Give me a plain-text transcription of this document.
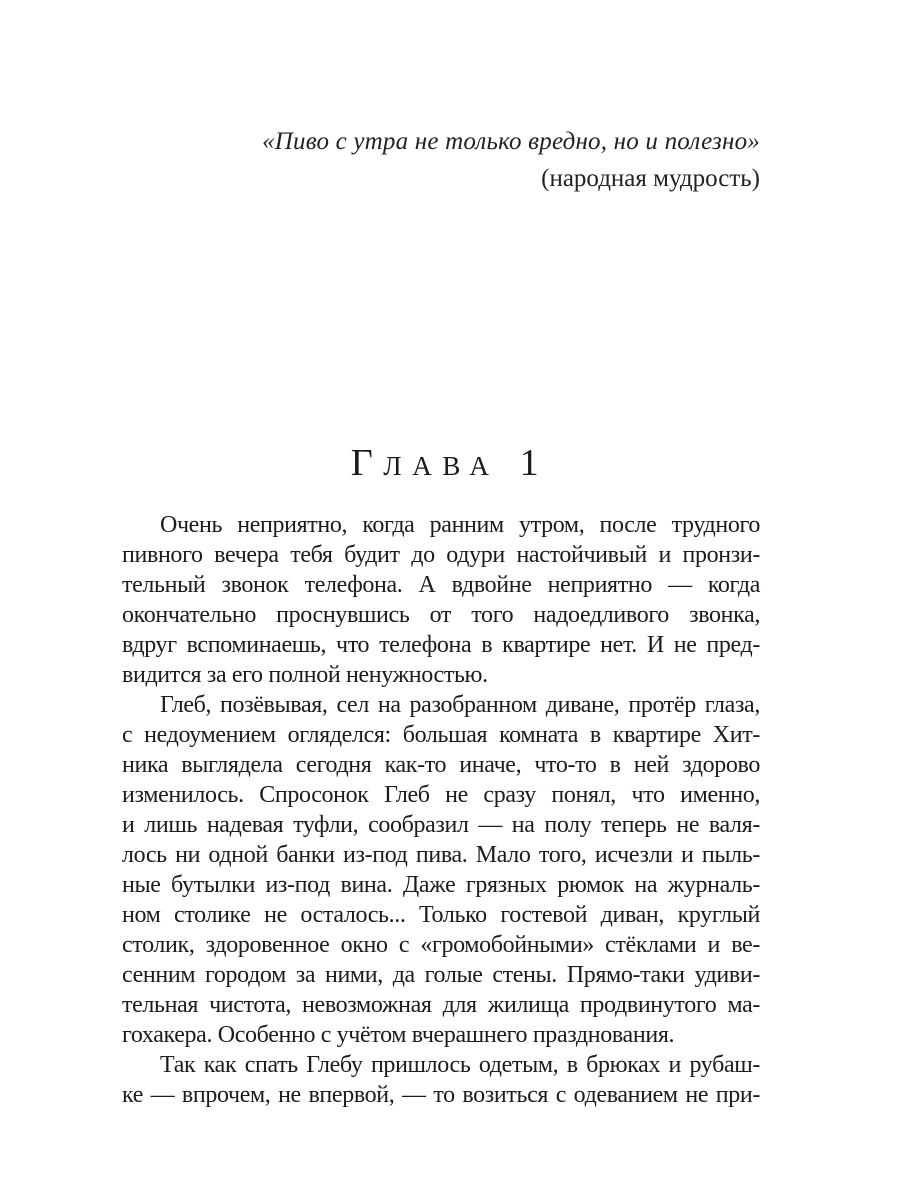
«Пиво с утра не только вредно, но и полезно»
(народная мудрость)
Глава 1
Очень неприятно, когда ранним утром, после трудного
пивного вечера тебя будит до одури настойчивый и пронзи-
тельный звонок телефона. А вдвойне неприятно — когда
окончательно проснувшись от того надоедливого звонка,
вдруг вспоминаешь, что телефона в квартире нет. И не пред-
видится за его полной ненужностью.
Глеб, позёвывая, сел на разобранном диване, протёр глаза,
с недоумением огляделся: большая комната в квартире Хит-
ника выглядела сегодня как-то иначе, что-то в ней здорово
изменилось. Спросонок Глеб не сразу понял, что именно,
и лишь надевая туфли, сообразил — на полу теперь не валя-
лось ни одной банки из-под пива. Мало того, исчезли и пыль-
ные бутылки из-под вина. Даже грязных рюмок на журналь-
ном столике не осталось... Только гостевой диван, круглый
столик, здоровенное окно с «громобойными» стёклами и ве-
сенним городом за ними, да голые стены. Прямо-таки удиви-
тельная чистота, невозможная для жилища продвинутого ма-
гохакера. Особенно с учётом вчерашнего празднования.
Так как спать Глебу пришлось одетым, в брюках и рубаш-
ке — впрочем, не впервой, — то возиться с одеванием не при-
